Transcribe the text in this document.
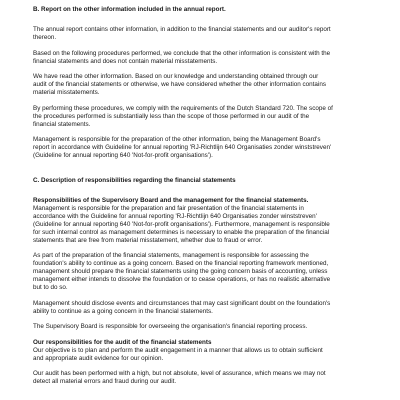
B. Report on the other information included in the annual report.
The annual report contains other information, in addition to the financial statements and our auditor's report
thereon.
Based on the following procedures performed, we conclude that the other information is consistent with the
financial statements and does not contain material misstatements.
We have read the other information. Based on our knowledge and understanding obtained through our
audit of the financial statements or otherwise, we have considered whether the other information contains
material misstatements.
By performing these procedures, we comply with the requirements of the Dutch Standard 720. The scope of
the procedures performed is substantially less than the scope of those performed in our audit of the
financial statements.
Management is responsible for the preparation of the other information, being the Management Board's
report in accordance with Guideline for annual reporting 'RJ-Richtlijn 640 Organisaties zonder winststreven'
(Guideline for annual reporting 640 'Not-for-profit organisations').
C. Description of responsibilities regarding the financial statements
Responsibilities of the Supervisory Board and the management for the financial statements.
Management is responsible for the preparation and fair presentation of the financial statements in
accordance with the Guideline for annual reporting 'RJ-Richtlijn 640 Organisaties zonder winststreven'
(Guideline for annual reporting 640 'Not-for-profit organisations'). Furthermore, management is responsible
for such internal control as management determines is necessary to enable the preparation of the financial
statements that are free from material misstatement, whether due to fraud or error.
As part of the preparation of the financial statements, management is responsible for assessing the
foundation's ability to continue as a going concern. Based on the financial reporting framework mentioned,
management should prepare the financial statements using the going concern basis of accounting, unless
management either intends to dissolve the foundation or to cease operations, or has no realistic alternative
but to do so.
Management should disclose events and circumstances that may cast significant doubt on the foundation's
ability to continue as a going concern in the financial statements.
The Supervisory Board is responsible for overseeing the organisation's financial reporting process.
Our responsibilities for the audit of the financial statements
Our objective is to plan and perform the audit engagement in a manner that allows us to obtain sufficient
and appropriate audit evidence for our opinion.
Our audit has been performed with a high, but not absolute, level of assurance, which means we may not
detect all material errors and fraud during our audit.
